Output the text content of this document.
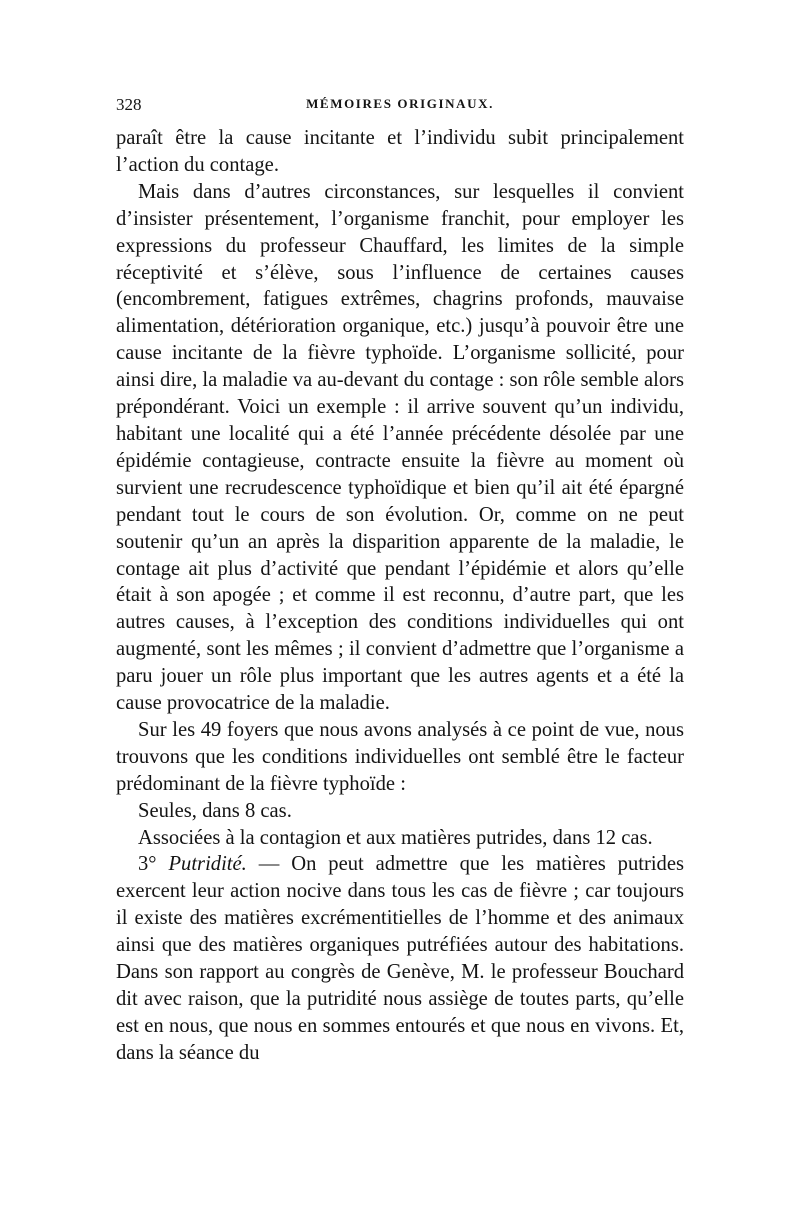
328	MÉMOIRES ORIGINAUX.

paraît être la cause incitante et l’individu subit principalement l’action du contage.

Mais dans d’autres circonstances, sur lesquelles il convient d’insister présentement, l’organisme franchit, pour employer les expressions du professeur Chauffard, les limites de la simple réceptivité et s’élève, sous l’influence de certaines causes (encombrement, fatigues extrêmes, chagrins profonds, mauvaise alimentation, détérioration organique, etc.) jusqu’à pouvoir être une cause incitante de la fièvre typhoïde. L’organisme sollicité, pour ainsi dire, la maladie va au-devant du contage : son rôle semble alors prépondérant. Voici un exemple : il arrive souvent qu’un individu, habitant une localité qui a été l’année précédente désolée par une épidémie contagieuse, contracte ensuite la fièvre au moment où survient une recrudescence typhoïdique et bien qu’il ait été épargné pendant tout le cours de son évolution. Or, comme on ne peut soutenir qu’un an après la disparition apparente de la maladie, le contage ait plus d’activité que pendant l’épidémie et alors qu’elle était à son apogée ; et comme il est reconnu, d’autre part, que les autres causes, à l’exception des conditions individuelles qui ont augmenté, sont les mêmes ; il convient d’admettre que l’organisme a paru jouer un rôle plus important que les autres agents et a été la cause provocatrice de la maladie.

Sur les 49 foyers que nous avons analysés à ce point de vue, nous trouvons que les conditions individuelles ont semblé être le facteur prédominant de la fièvre typhoïde :

Seules, dans 8 cas.

Associées à la contagion et aux matières putrides, dans 12 cas.

3° Putridité. — On peut admettre que les matières putrides exercent leur action nocive dans tous les cas de fièvre ; car toujours il existe des matières excrémentitielles de l’homme et des animaux ainsi que des matières organiques putréfiées autour des habitations. Dans son rapport au congrès de Genève, M. le professeur Bouchard dit avec raison, que la putridité nous assiège de toutes parts, qu’elle est en nous, que nous en sommes entourés et que nous en vivons. Et, dans la séance du
